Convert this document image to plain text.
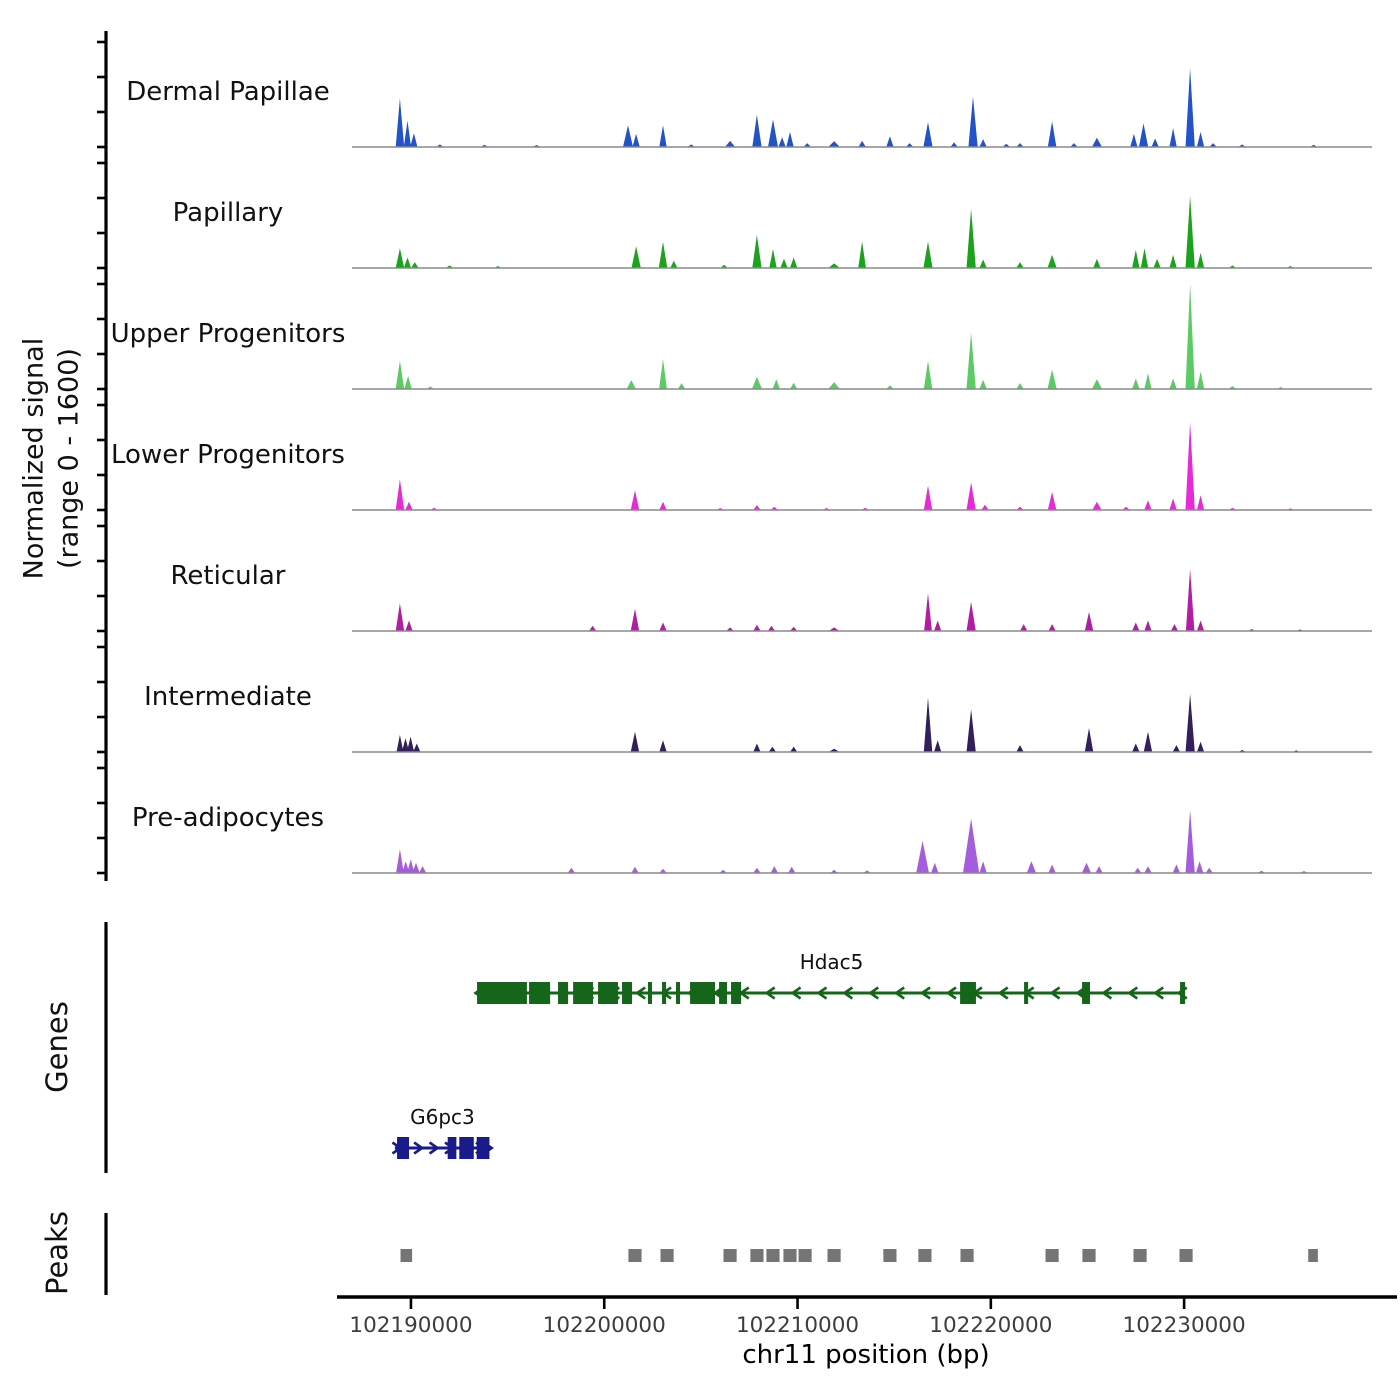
Hdac5
G6pc3
102190000	102200000	102210000	102220000	102230000
Normalized signal (range 0 - 1600)
Dermal Papillae
Papillary
Upper Progenitors
Lower Progenitors
Reticular
Intermediate
Pre-adipocytes
Genes
Peaks
chr11 position (bp)
